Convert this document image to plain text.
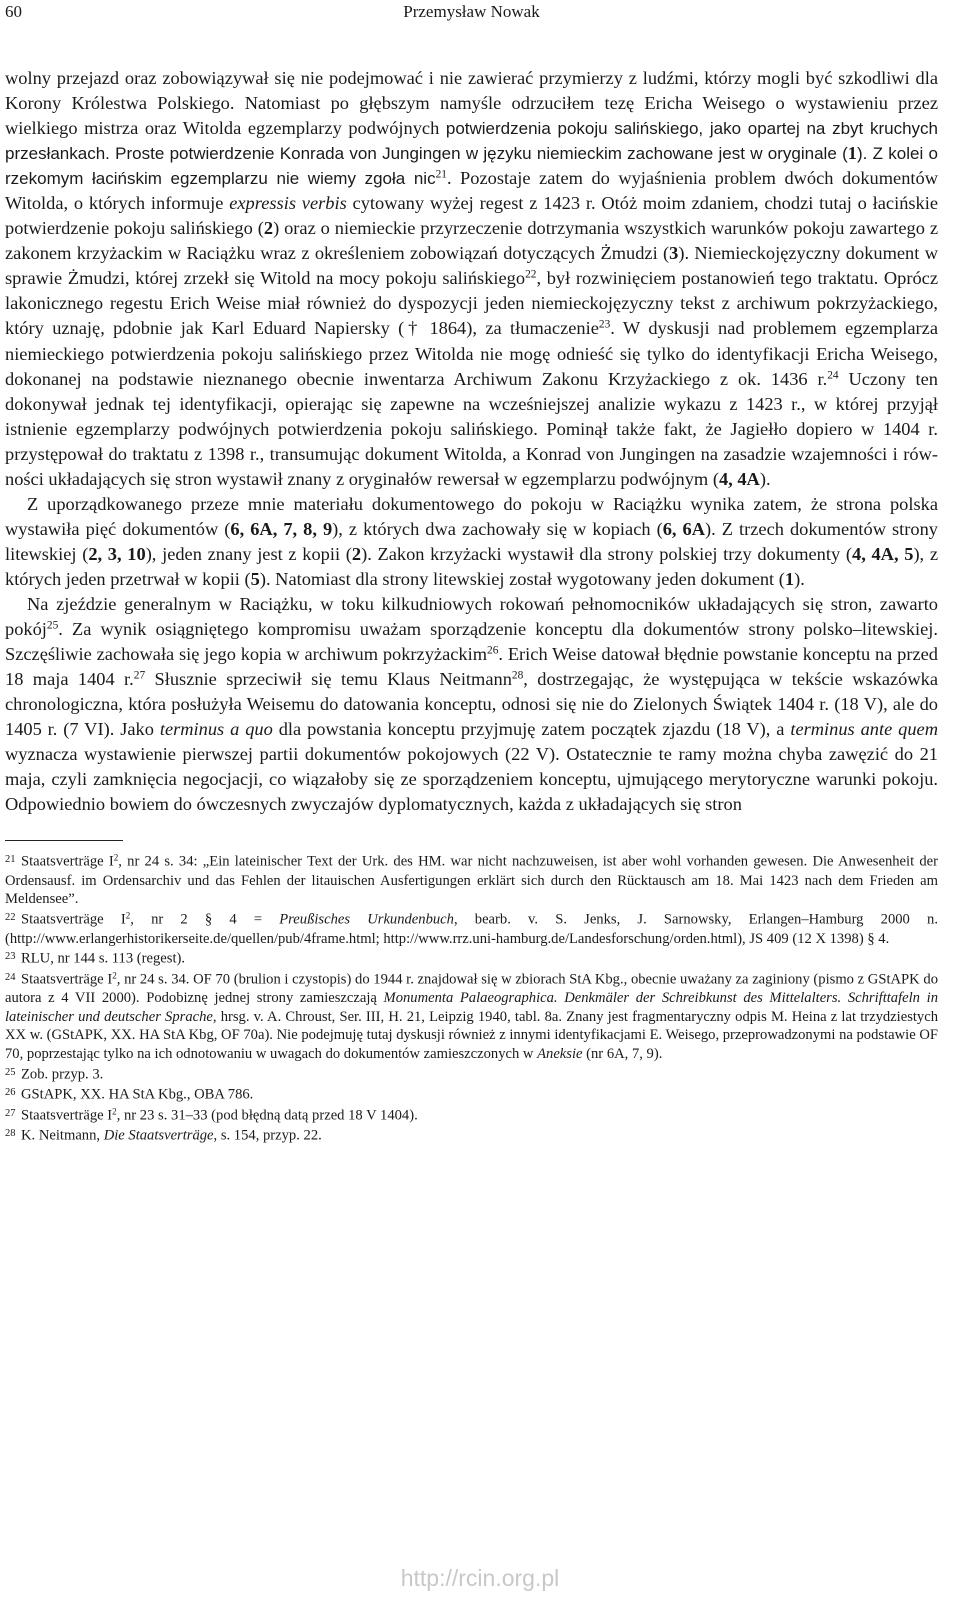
60	Przemysław Nowak

wolny przejazd oraz zobowiązywał się nie podejmować i nie zawierać przymierzy z ludźmi, którzy mogli być szkodliwi dla Korony Królestwa Polskiego. Natomiast po głębszym namyśle odrzuciłem tezę Ericha Weisego o wystawieniu przez wielkiego mistrza oraz Witolda egzemplarzy podwójnych potwierdzenia pokoju salińskiego, jako opartej na zbyt kruchych przesłankach. Proste potwierdzenie Konrada von Jungingen w języku niemieckim zachowane jest w oryginale (1). Z kolei o rzekomym łacińskim egzemplarzu nie wiemy zgoła nic$^{21}$. Pozostaje zatem do wyjaśnienia problem dwóch dokumentów Witolda, o których informuje expressis verbis cytowany wyżej regest z 1423 r. Otóż moim zdaniem, chodzi tutaj o łacińskie potwierdzenie pokoju salińskiego (2) oraz o niemieckie przyrzeczenie dotrzymania wszystkich warunków pokoju zawartego z zakonem krzyżackim w Raciążku wraz z określeniem zobowiązań dotyczących Żmudzi (3). Niemieckojęzyczny dokument w sprawie Żmudzi, której zrzekł się Witold na mocy pokoju salińskiego$^{22}$, był rozwinięciem postanowień tego traktatu. Oprócz lakonicznego regestu Erich Weise miał również do dyspozycji jeden niemieckojęzyczny tekst z archiwum pokrzyżackiego, który uznaję, pdobnie jak Karl Eduard Napiersky († 1864), za tłumaczenie$^{23}$. W dyskusji nad problemem egzemplarza niemieckiego potwierdzenia pokoju salińskiego przez Witolda nie mogę odnieść się tylko do identyfikacji Ericha Weisego, dokonanej na podstawie nieznanego obecnie inwentarza Archiwum Zakonu Krzyżackiego z ok. 1436 r.$^{24}$ Uczony ten dokonywał jednak tej identyfikacji, opierając się zapewne na wcześniejszej analizie wykazu z 1423 r., w której przyjął istnienie egzemplarzy podwójnych potwierdzenia pokoju salińskiego. Pominął także fakt, że Jagiełło dopiero w 1404 r. przystępował do traktatu z 1398 r., transumując dokument Witolda, a Konrad von Jungingen na zasadzie wzajemności i równości układających się stron wystawił znany z oryginałów rewersał w egzemplarzu podwójnym (4, 4A).

Z uporządkowanego przeze mnie materiału dokumentowego do pokoju w Raciążku wynika zatem, że strona polska wystawiła pięć dokumentów (6, 6A, 7, 8, 9), z których dwa zachowały się w kopiach (6, 6A). Z trzech dokumentów strony litewskiej (2, 3, 10), jeden znany jest z kopii (2). Zakon krzyżacki wystawił dla strony polskiej trzy dokumenty (4, 4A, 5), z których jeden przetrwał w kopii (5). Natomiast dla strony litewskiej został wygotowany jeden dokument (1).

Na zjeździe generalnym w Raciążku, w toku kilkudniowych rokowań pełnomocników układających się stron, zawarto pokój$^{25}$. Za wynik osiągniętego kompromisu uważam sporządzenie konceptu dla dokumentów strony polsko–litewskiej. Szczęśliwie zachowała się jego kopia w archiwum pokrzyżackim$^{26}$. Erich Weise datował błędnie powstanie konceptu na przed 18 maja 1404 r.$^{27}$ Słusznie sprzeciwił się temu Klaus Neitmann$^{28}$, dostrzegając, że występująca w tekście wskazówka chronologiczna, która posłużyła Weisemu do datowania konceptu, odnosi się nie do Zielonych Świątek 1404 r. (18 V), ale do 1405 r. (7 VI). Jako terminus a quo dla powstania konceptu przyjmuję zatem początek zjazdu (18 V), a terminus ante quem wyznacza wystawienie pierwszej partii dokumentów pokojowych (22 V). Ostatecznie te ramy można chyba zawęzić do 21 maja, czyli zamknięcia negocjacji, co wiązałoby się ze sporządzeniem konceptu, ujmującego merytoryczne warunki pokoju. Odpowiednio bowiem do ówczesnych zwyczajów dyplomatycznych, każda z układających się stron

21 Staatsverträge $I^2$, nr 24 s. 34: „Ein lateinischer Text der Urk. des HM. war nicht nachzuweisen, ist aber wohl vorhanden gewesen. Die Anwesenheit der Ordensausf. im Ordensarchiv und das Fehlen der litauischen Ausfertigungen erklärt sich durch den Rücktausch am 18. Mai 1423 nach dem Frieden am Meldensee”.

22 Staatsverträge $I^2$, nr 2 § 4 = Preußisches Urkundenbuch, bearb. v. S. Jenks, J. Sarnowsky, Erlangen–Hamburg 2000 n. (http://www.erlangerhistorikerseite.de/quellen/pub/4frame.html; http://www.rrz.uni-hamburg.de/Landesforschung/orden.html), JS 409 (12 X 1398) § 4.

23 RLU, nr 144 s. 113 (regest).

24 Staatsverträge $I^2$, nr 24 s. 34. OF 70 (brulion i czystopis) do 1944 r. znajdował się w zbiorach StA Kbg., obecnie uważany za zaginiony (pismo z GStAPK do autora z 4 VII 2000). Podobiznę jednej strony zamieszczają Monumenta Palaeographica. Denkmäler der Schreibkunst des Mittelalters. Schrifttafeln in lateinischer und deutscher Sprache, hrsg. v. A. Chroust, Ser. III, H. 21, Leipzig 1940, tabl. 8a. Znany jest fragmentaryczny odpis M. Heina z lat trzydziestych XX w. (GStAPK, XX. HA StA Kbg, OF 70a). Nie podejmuję tutaj dyskusji również z innymi identyfikacjami E. Weisego, przeprowadzonymi na podstawie OF 70, poprzestając tylko na ich odnotowaniu w uwagach do dokumentów zamieszczonych w Aneksie (nr 6A, 7, 9).

25 Zob. przyp. 3.

26 GStAPK, XX. HA StA Kbg., OBA 786.

27 Staatsverträge $I^2$, nr 23 s. 31–33 (pod błędną datą przed 18 V 1404).

28 K. Neitmann, Die Staatsverträge, s. 154, przyp. 22.

http://rcin.org.pl
